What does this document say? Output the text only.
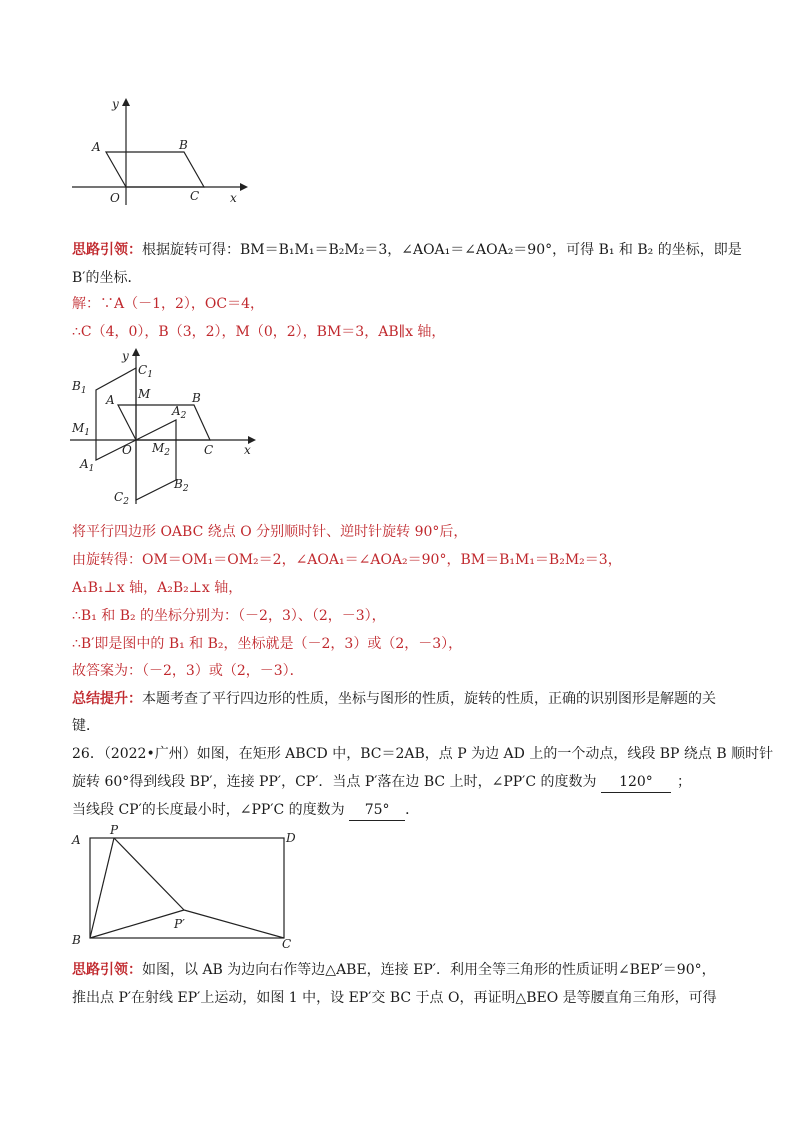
y
A	B
O	C	x
思路引领：根据旋转可得：BM＝B₁M₁＝B₂M₂＝3，∠AOA₁＝∠AOA₂＝90°，可得 B₁ 和 B₂ 的坐标，即是
B′的坐标．
解：∵A（－1，2），OC＝4，
∴C（4，0），B（3，2），M（0，2），BM＝3，AB∥x 轴，
y
$C_1$
$B_1$	M
A	B
$A_2$
$M_1$
O $M_2$	C	x
$A_1$
$B_2$
$C_2$
将平行四边形 OABC 绕点 O 分别顺时针、逆时针旋转 90°后，
由旋转得：OM＝OM₁＝OM₂＝2，∠AOA₁＝∠AOA₂＝90°，BM＝B₁M₁＝B₂M₂＝3，
A₁B₁⊥x 轴，A₂B₂⊥x 轴，
∴B₁ 和 B₂ 的坐标分别为：（－2，3）、（2，－3），
∴B′即是图中的 B₁ 和 B₂，坐标就是（－2，3）或（2，－3），
故答案为：（－2，3）或（2，－3）．
总结提升：本题考查了平行四边形的性质，坐标与图形的性质，旋转的性质，正确的识别图形是解题的关
键．
26．（2022•广州）如图，在矩形 ABCD 中，BC＝2AB，点 P 为边 AD 上的一个动点，线段 BP 绕点 B 顺时针
旋转 60°得到线段 BP′，连接 PP′，CP′．当点 P′落在边 BC 上时，∠PP′C 的度数为 120° ；
当线段 CP′的长度最小时，∠PP′C 的度数为 75° ．
A
P
D
P′
B	C
思路引领：如图，以 AB 为边向右作等边△ABE，连接 EP′．利用全等三角形的性质证明∠BEP′＝90°，
推出点 P′在射线 EP′上运动，如图 1 中，设 EP′交 BC 于点 O，再证明△BEO 是等腰直角三角形，可得
